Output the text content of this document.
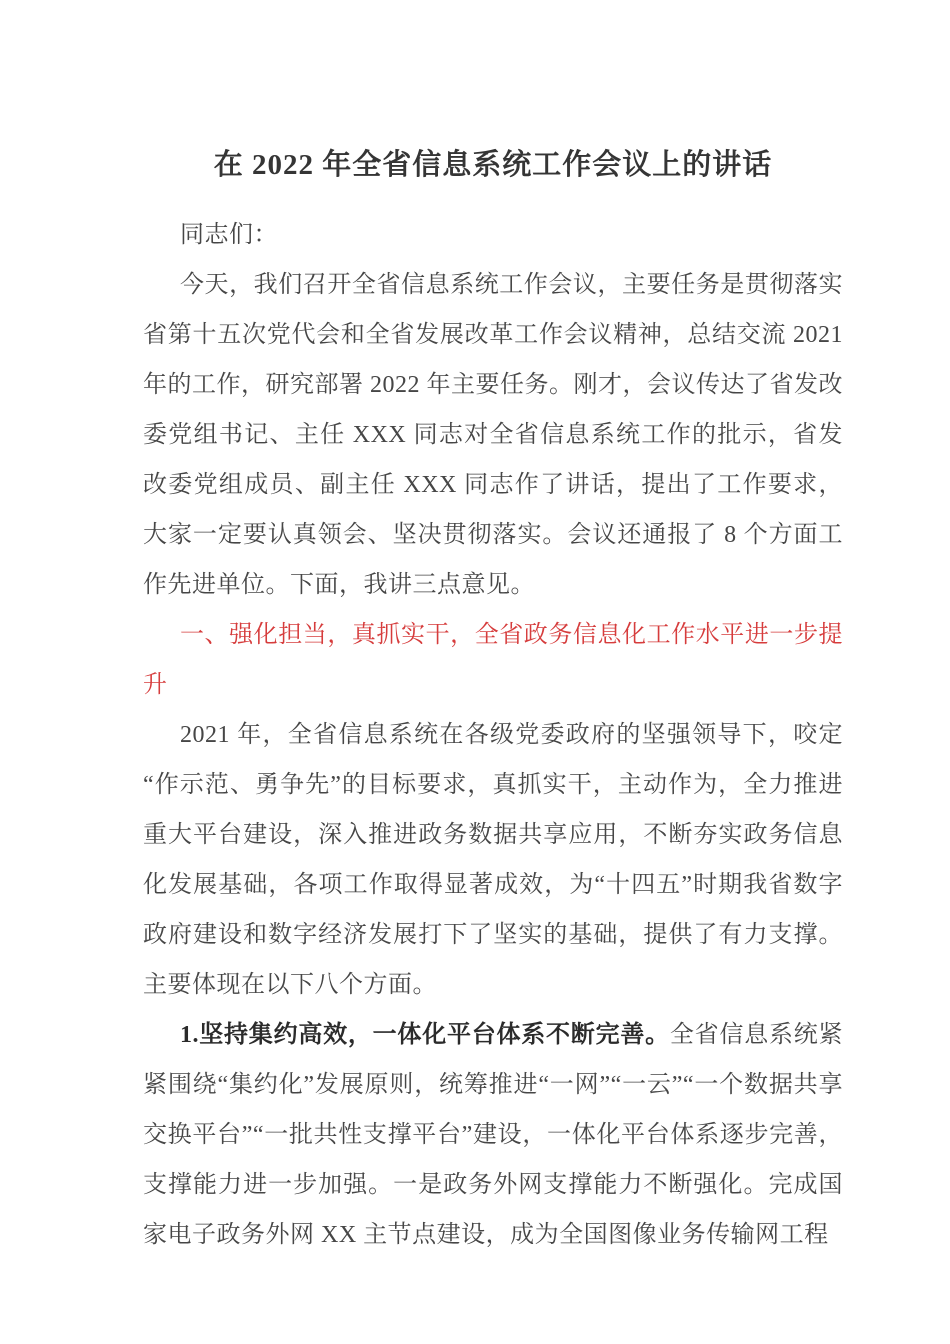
在 2022 年全省信息系统工作会议上的讲话

同志们：

今天，我们召开全省信息系统工作会议，主要任务是贯彻落实省第十五次党代会和全省发展改革工作会议精神，总结交流 2021 年的工作，研究部署 2022 年主要任务。刚才，会议传达了省发改委党组书记、主任 XXX 同志对全省信息系统工作的批示，省发改委党组成员、副主任 XXX 同志作了讲话，提出了工作要求，大家一定要认真领会、坚决贯彻落实。会议还通报了 8 个方面工作先进单位。下面，我讲三点意见。

一、强化担当，真抓实干，全省政务信息化工作水平进一步提升

2021 年，全省信息系统在各级党委政府的坚强领导下，咬定“作示范、勇争先”的目标要求，真抓实干，主动作为，全力推进重大平台建设，深入推进政务数据共享应用，不断夯实政务信息化发展基础，各项工作取得显著成效，为“十四五”时期我省数字政府建设和数字经济发展打下了坚实的基础，提供了有力支撑。主要体现在以下八个方面。

1.坚持集约高效，一体化平台体系不断完善。全省信息系统紧紧围绕“集约化”发展原则，统筹推进“一网”“一云”“一个数据共享交换平台”“一批共性支撑平台”建设，一体化平台体系逐步完善，支撑能力进一步加强。一是政务外网支撑能力不断强化。完成国家电子政务外网 XX 主节点建设，成为全国图像业务传输网工程
